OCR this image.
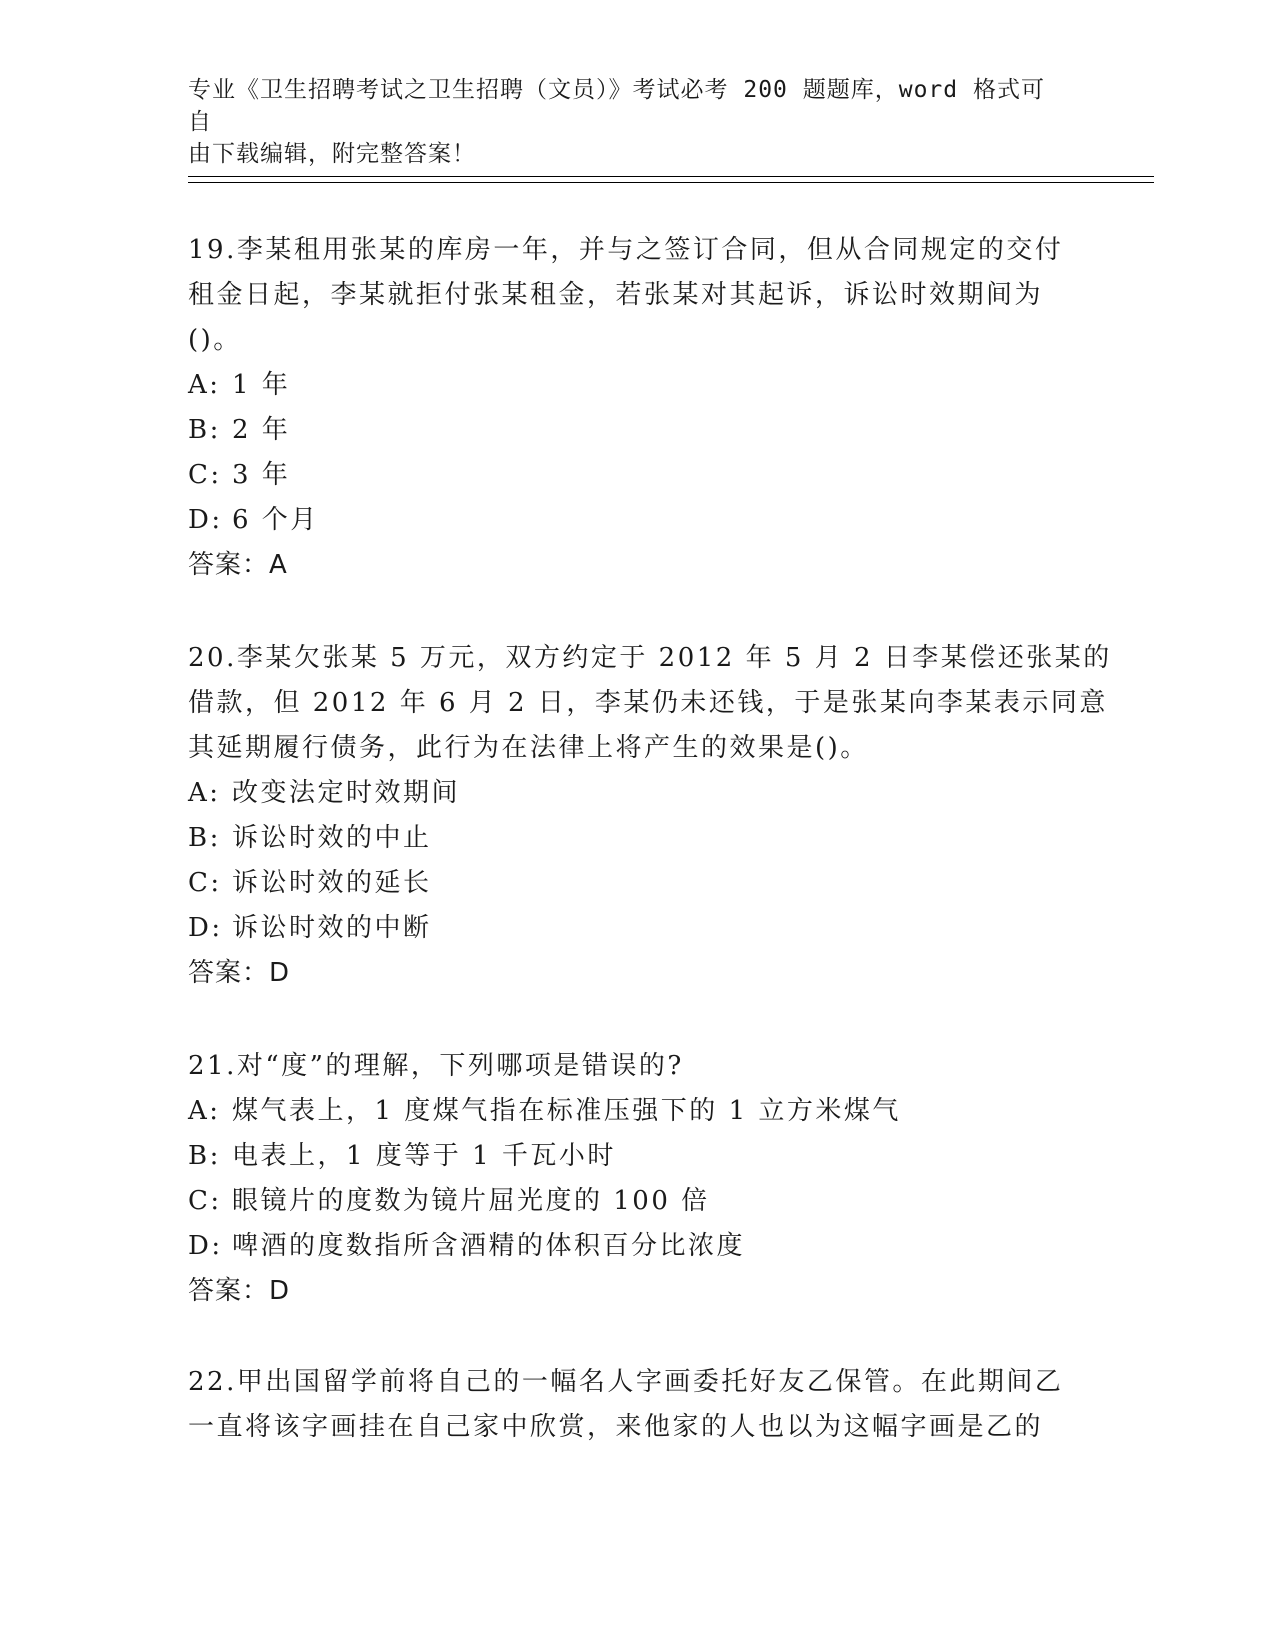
专业《卫生招聘考试之卫生招聘（文员）》考试必考 200 题题库，word 格式可自
由下载编辑，附完整答案！

19.李某租用张某的库房一年，并与之签订合同，但从合同规定的交付

租金日起，李某就拒付张某租金，若张某对其起诉，诉讼时效期间为

()。

A: 1 年

B: 2 年

C: 3 年

D: 6 个月

答案：A

20.李某欠张某 5 万元，双方约定于 2012 年 5 月 2 日李某偿还张某的

借款，但 2012 年 6 月 2 日，李某仍未还钱，于是张某向李某表示同意

其延期履行债务，此行为在法律上将产生的效果是()。

A: 改变法定时效期间

B: 诉讼时效的中止

C: 诉讼时效的延长

D: 诉讼时效的中断

答案：D

21.对“度”的理解，下列哪项是错误的?

A: 煤气表上，1 度煤气指在标准压强下的 1 立方米煤气

B: 电表上，1 度等于 1 千瓦小时

C: 眼镜片的度数为镜片屈光度的 100 倍

D: 啤酒的度数指所含酒精的体积百分比浓度

答案：D

22.甲出国留学前将自己的一幅名人字画委托好友乙保管。在此期间乙

一直将该字画挂在自己家中欣赏，来他家的人也以为这幅字画是乙的
